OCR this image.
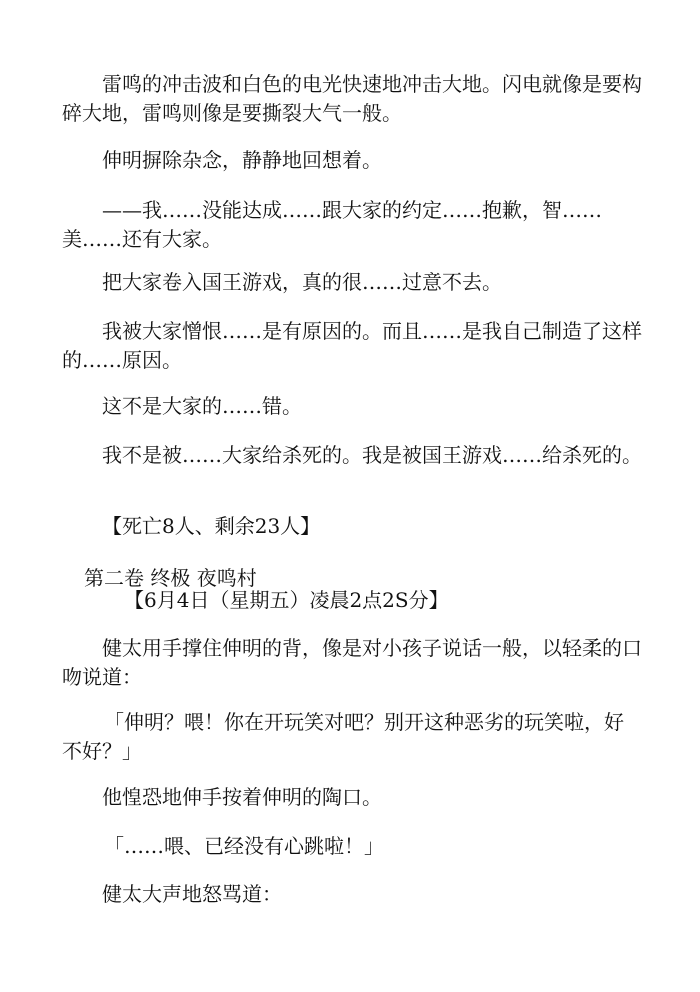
雷鸣的冲击波和白色的电光快速地冲击大地。闪电就像是要构碎大地，雷鸣则像是要撕裂大气一般。

伸明摒除杂念，静静地回想着。

——我……没能达成……跟大家的约定……抱歉，智……美……还有大家。

把大家卷入国王游戏，真的很……过意不去。

我被大家憎恨……是有原因的。而且……是我自己制造了这样的……原因。

这不是大家的……错。

我不是被……大家给杀死的。我是被国王游戏……给杀死的。

【死亡8人、剩余23人】

第二卷 终极 夜鸣村

【6月4日（星期五）凌晨2点2S分】

健太用手撑住伸明的背，像是对小孩子说话一般，以轻柔的口吻说道：

「伸明？喂！你在开玩笑对吧？别开这种恶劣的玩笑啦，好不好？」

他惶恐地伸手按着伸明的陶口。

「……喂、已经没有心跳啦！」

健太大声地怒骂道：
